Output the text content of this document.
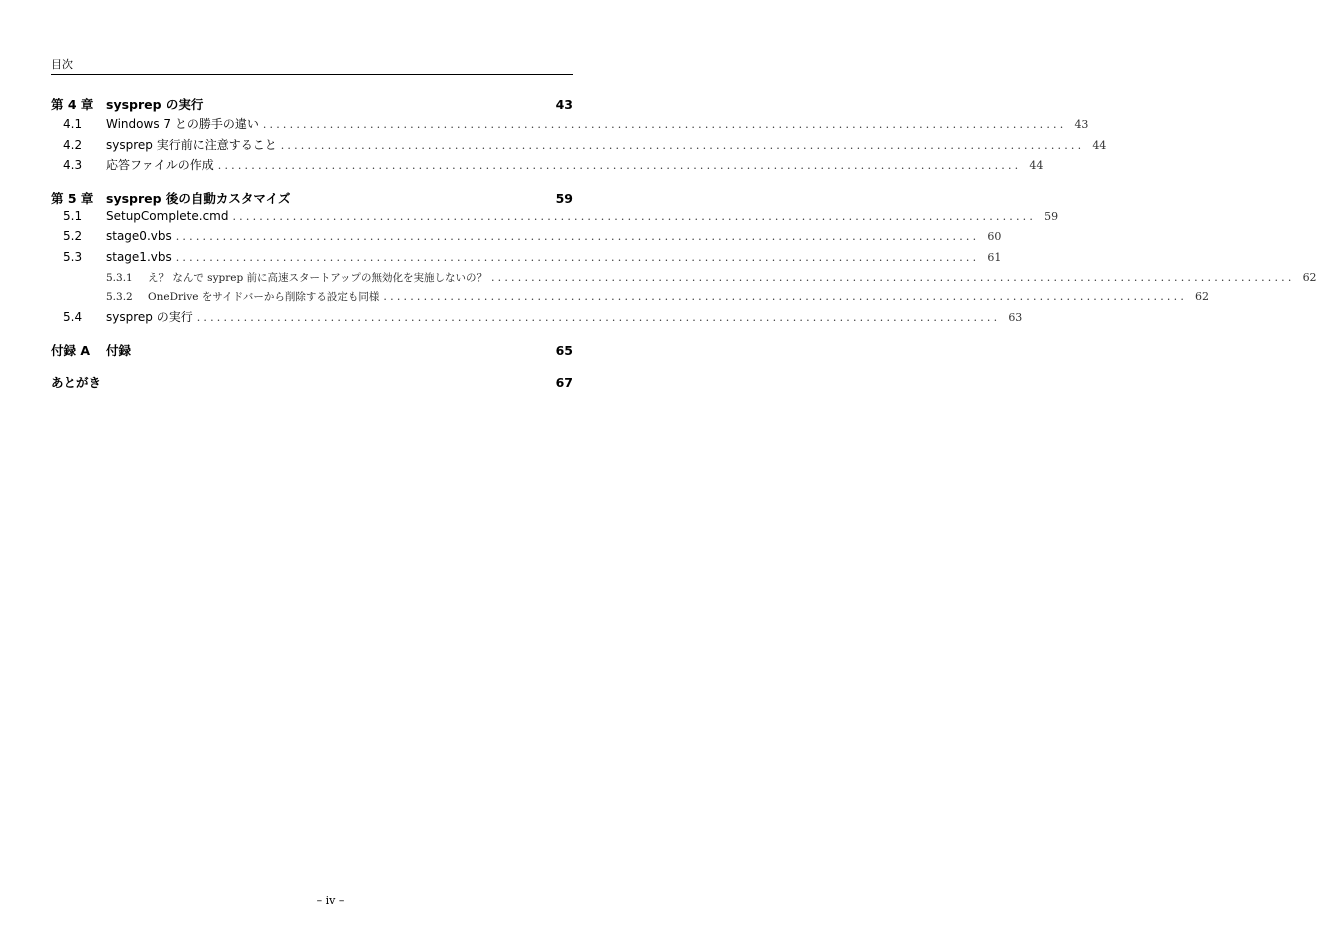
目次
第 4 章	sysprep の実行	43
4.1	Windows 7 との勝手の違い ........................................................................................................................ 43
4.2	sysprep 実行前に注意すること ........................................................................................................................ 44
4.3	応答ファイルの作成 ........................................................................................................................ 44
第 5 章	sysprep 後の自動カスタマイズ	59
5.1	SetupComplete.cmd ........................................................................................................................ 59
5.2	stage0.vbs ........................................................................................................................ 60
5.3	stage1.vbs ........................................................................................................................ 61
5.3.1	え？ なんで syprep 前に高速スタートアップの無効化を実施しないの？ ........................................................................................................................ 62
5.3.2	OneDrive をサイドバーから削除する設定も同様 ........................................................................................................................ 62
5.4	sysprep の実行 ........................................................................................................................ 63
付録 A	付録	65
あとがき	67
– iv –
